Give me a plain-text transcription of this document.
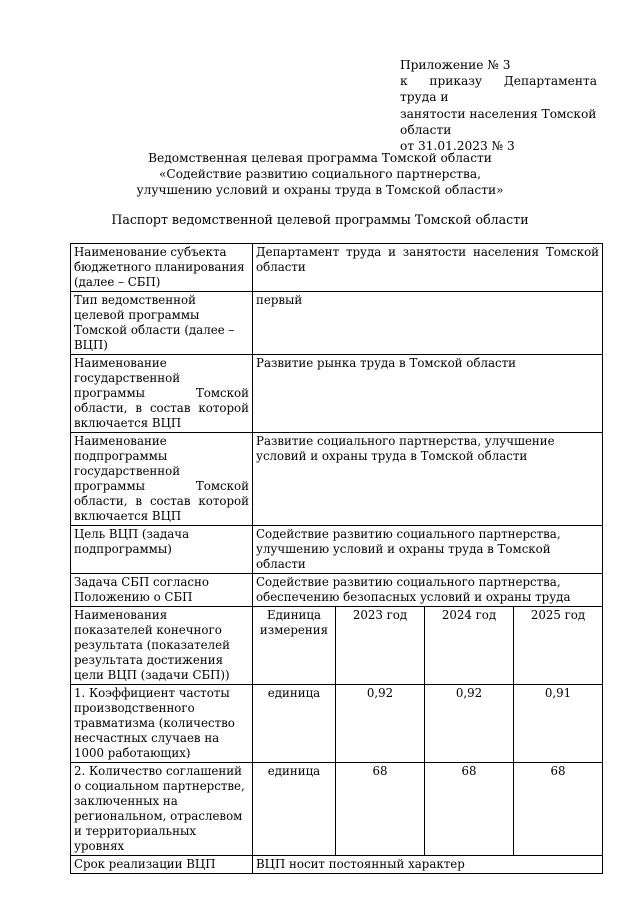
Приложение № 3
к приказу Департамента труда и
занятости населения Томской
области
от 31.01.2023 № 3
Ведомственная целевая программа Томской области
«Содействие развитию социального партнерства,
улучшению условий и охраны труда в Томской области»
Паспорт ведомственной целевой программы Томской области
Наименование субъекта бюджетного планирования (далее – СБП)	Департамент труда и занятости населения Томской области			
Тип ведомственной целевой программы Томской области (далее – ВЦП)	первый			
Наименование государственной программы Томской области, в состав которой включается ВЦП	Развитие рынка труда в Томской области			
Наименование подпрограммы государственной программы Томской области, в состав которой включается ВЦП	Развитие социального партнерства, улучшение условий и охраны труда в Томской области			
Цель ВЦП (задача подпрограммы)	Содействие развитию социального партнерства, улучшению условий и охраны труда в Томской области			
Задача СБП согласно Положению о СБП	Содействие развитию социального партнерства, обеспечению безопасных условий и охраны труда			
Наименования показателей конечного результата (показателей результата достижения цели ВЦП (задачи СБП))	Единица измерения	2023 год	2024 год	2025 год
1. Коэффициент частоты производственного травматизма (количество несчастных случаев на 1000 работающих)	единица	0,92	0,92	0,91
2. Количество соглашений о социальном партнерстве, заключенных на региональном, отраслевом и территориальных уровнях	единица	68	68	68
Срок реализации ВЦП	ВЦП носит постоянный характер			
